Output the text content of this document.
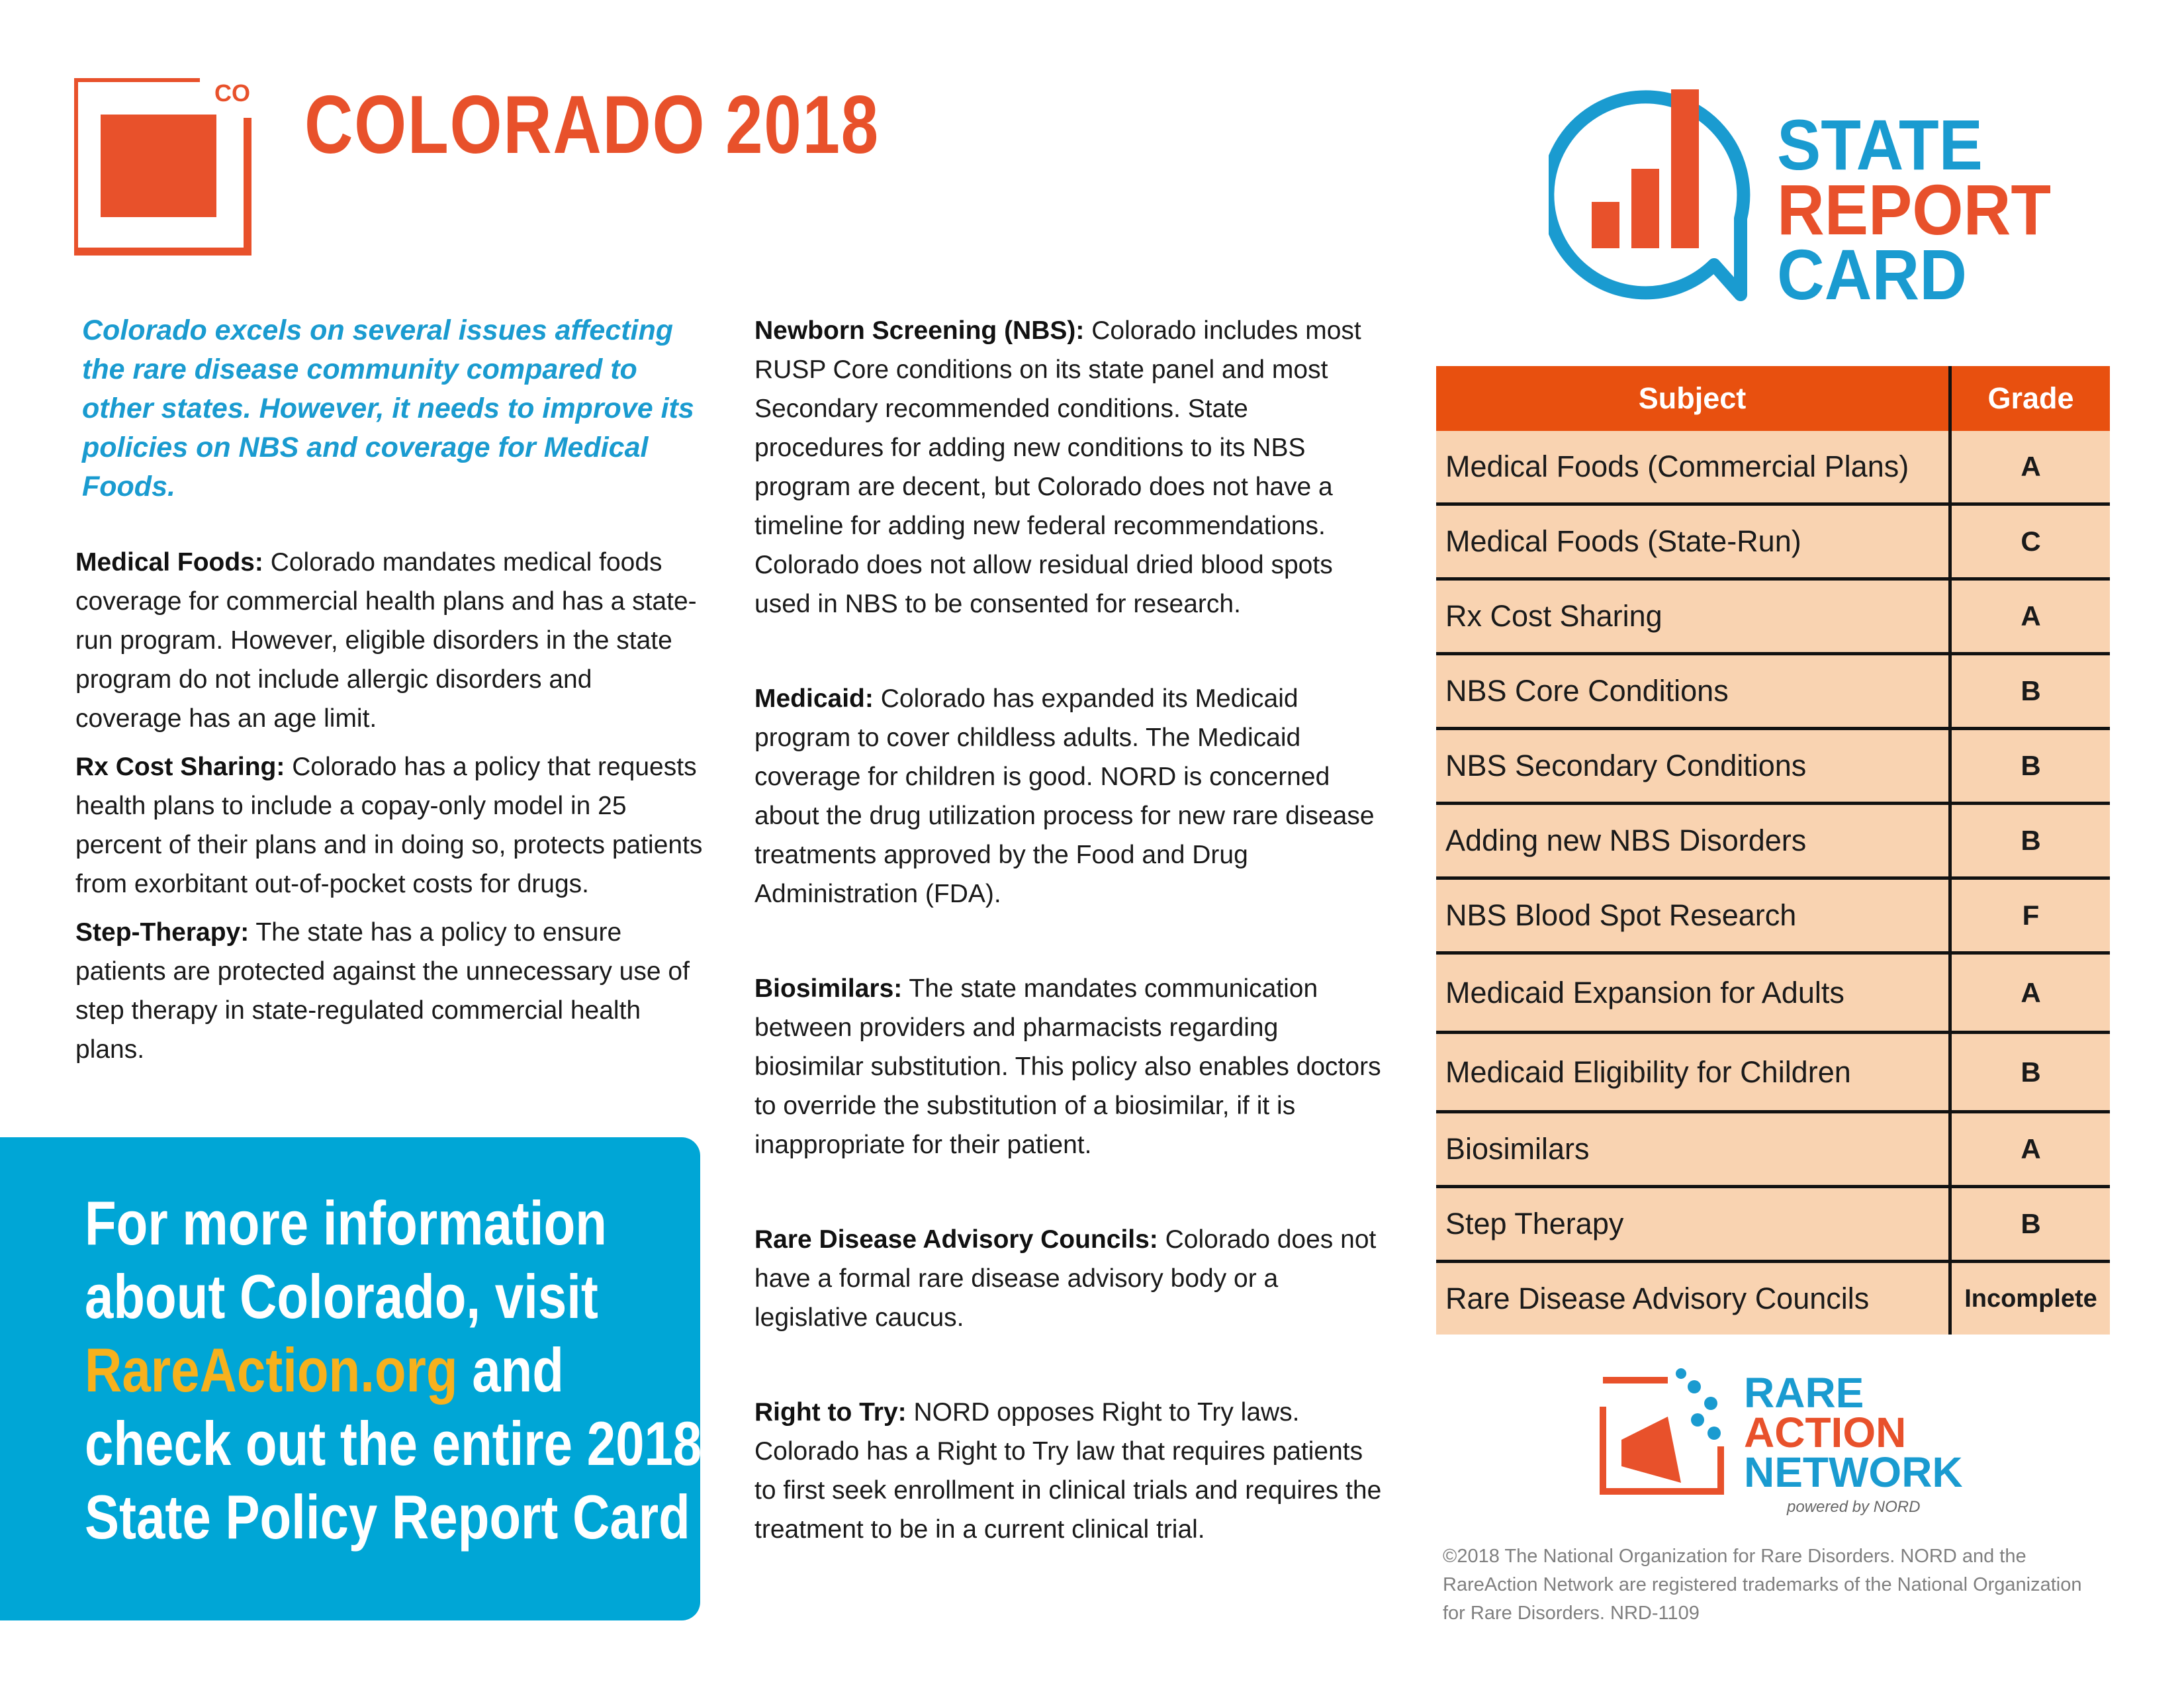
CO COLORADO 2018	STATE
REPORT
CARD
Colorado excels on several issues affecting the rare disease community compared to other states. However, it needs to improve its policies on NBS and coverage for Medical Foods.
Medical Foods: Colorado mandates medical foods coverage for commercial health plans and has a state-run program. However, eligible disorders in the state program do not include allergic disorders and coverage has an age limit.
Rx Cost Sharing: Colorado has a policy that requests health plans to include a copay-only model in 25 percent of their plans and in doing so, protects patients from exorbitant out-of-pocket costs for drugs.
Step-Therapy: The state has a policy to ensure patients are protected against the unnecessary use of step therapy in state-regulated commercial health plans.
Newborn Screening (NBS): Colorado includes most RUSP Core conditions on its state panel and most Secondary recommended conditions. State procedures for adding new conditions to its NBS program are decent, but Colorado does not have a timeline for adding new federal recommendations. Colorado does not allow residual dried blood spots used in NBS to be consented for research.
Medicaid: Colorado has expanded its Medicaid program to cover childless adults. The Medicaid coverage for children is good. NORD is concerned about the drug utilization process for new rare disease treatments approved by the Food and Drug Administration (FDA).
Biosimilars: The state mandates communication between providers and pharmacists regarding biosimilar substitution. This policy also enables doctors to override the substitution of a biosimilar, if it is inappropriate for their patient.
Rare Disease Advisory Councils: Colorado does not have a formal rare disease advisory body or a legislative caucus.
Right to Try: NORD opposes Right to Try laws. Colorado has a Right to Try law that requires patients to first seek enrollment in clinical trials and requires the treatment to be in a current clinical trial.
For more information about Colorado, visit RareAction.org and check out the entire 2018 State Policy Report Card
Subject	Grade
Medical Foods (Commercial Plans)	A
Medical Foods (State-Run)	C
Rx Cost Sharing	A
NBS Core Conditions	B
NBS Secondary Conditions	B
Adding new NBS Disorders	B
NBS Blood Spot Research	F
Medicaid Expansion for Adults	A
Medicaid Eligibility for Children	B
Biosimilars	A
Step Therapy	B
Rare Disease Advisory Councils	Incomplete
RARE
ACTION
NETWORK
powered by NORD
©2018 The National Organization for Rare Disorders. NORD and the RareAction Network are registered trademarks of the National Organization for Rare Disorders. NRD-1109
